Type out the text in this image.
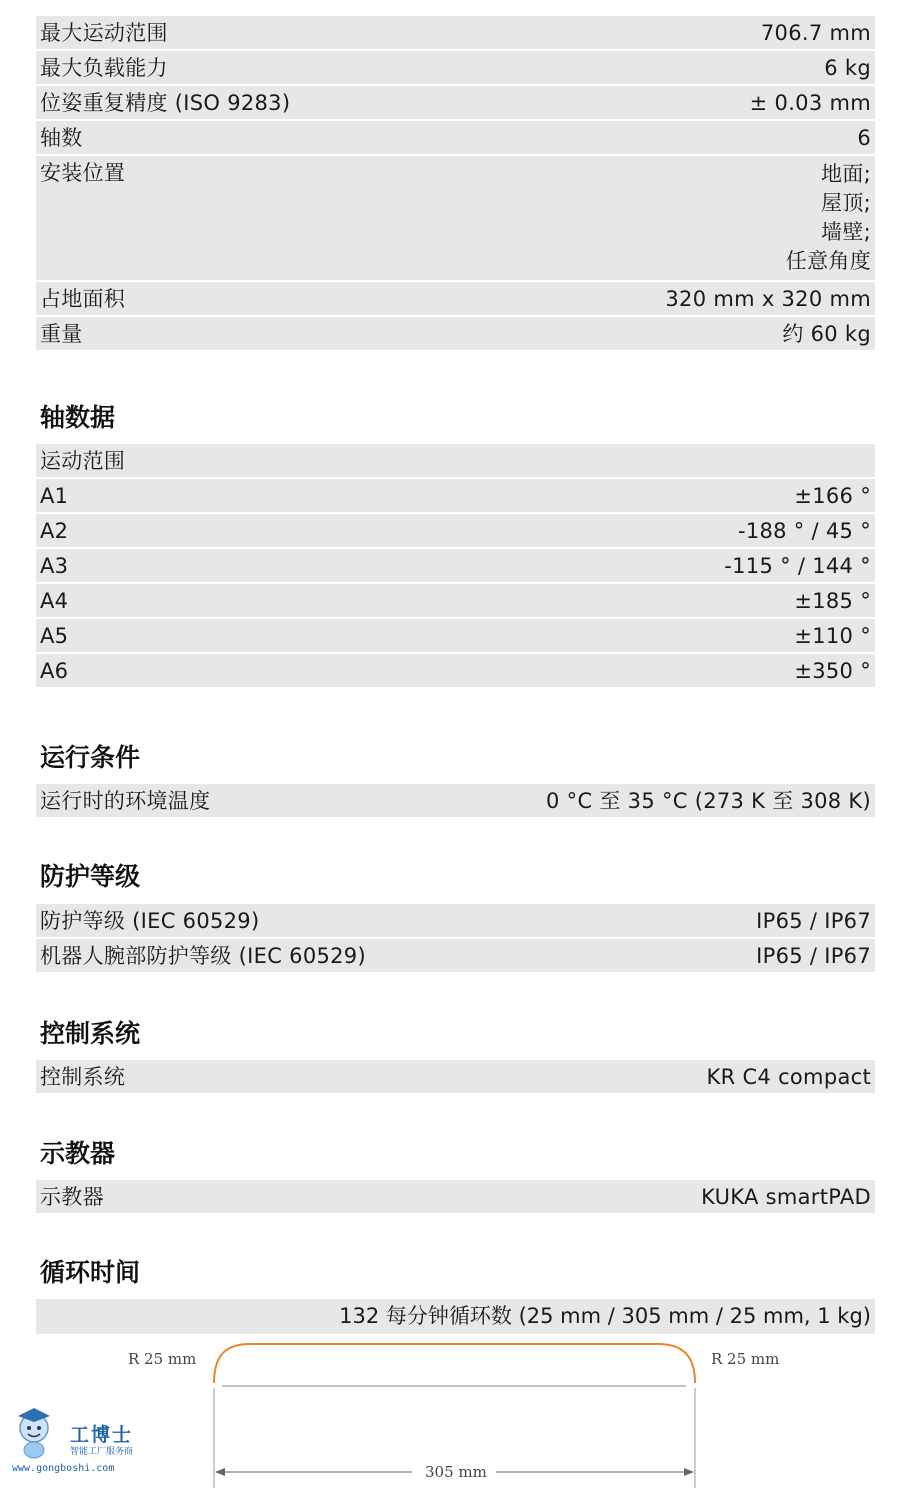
最大运动范围	706.7 mm
最大负载能力	6 kg
位姿重复精度 (ISO 9283)	± 0.03 mm
轴数	6
安装位置	地面;
屋顶;
墙壁;
任意角度
占地面积	320 mm x 320 mm
重量	约 60 kg
轴数据
运动范围
A1	±166 °
A2	-188 ° / 45 °
A3	-115 ° / 144 °
A4	±185 °
A5	±110 °
A6	±350 °
运行条件
运行时的环境温度	0 °C 至 35 °C (273 K 至 308 K)
防护等级
防护等级 (IEC 60529)	IP65 / IP67
机器人腕部防护等级 (IEC 60529)	IP65 / IP67
控制系统
控制系统	KR C4 compact
示教器
示教器	KUKA smartPAD
循环时间
132 每分钟循环数 (25 mm / 305 mm / 25 mm, 1 kg)
R 25 mm	R 25 mm
305 mm
工博士
智能工厂服务商
www.gongboshi.com
